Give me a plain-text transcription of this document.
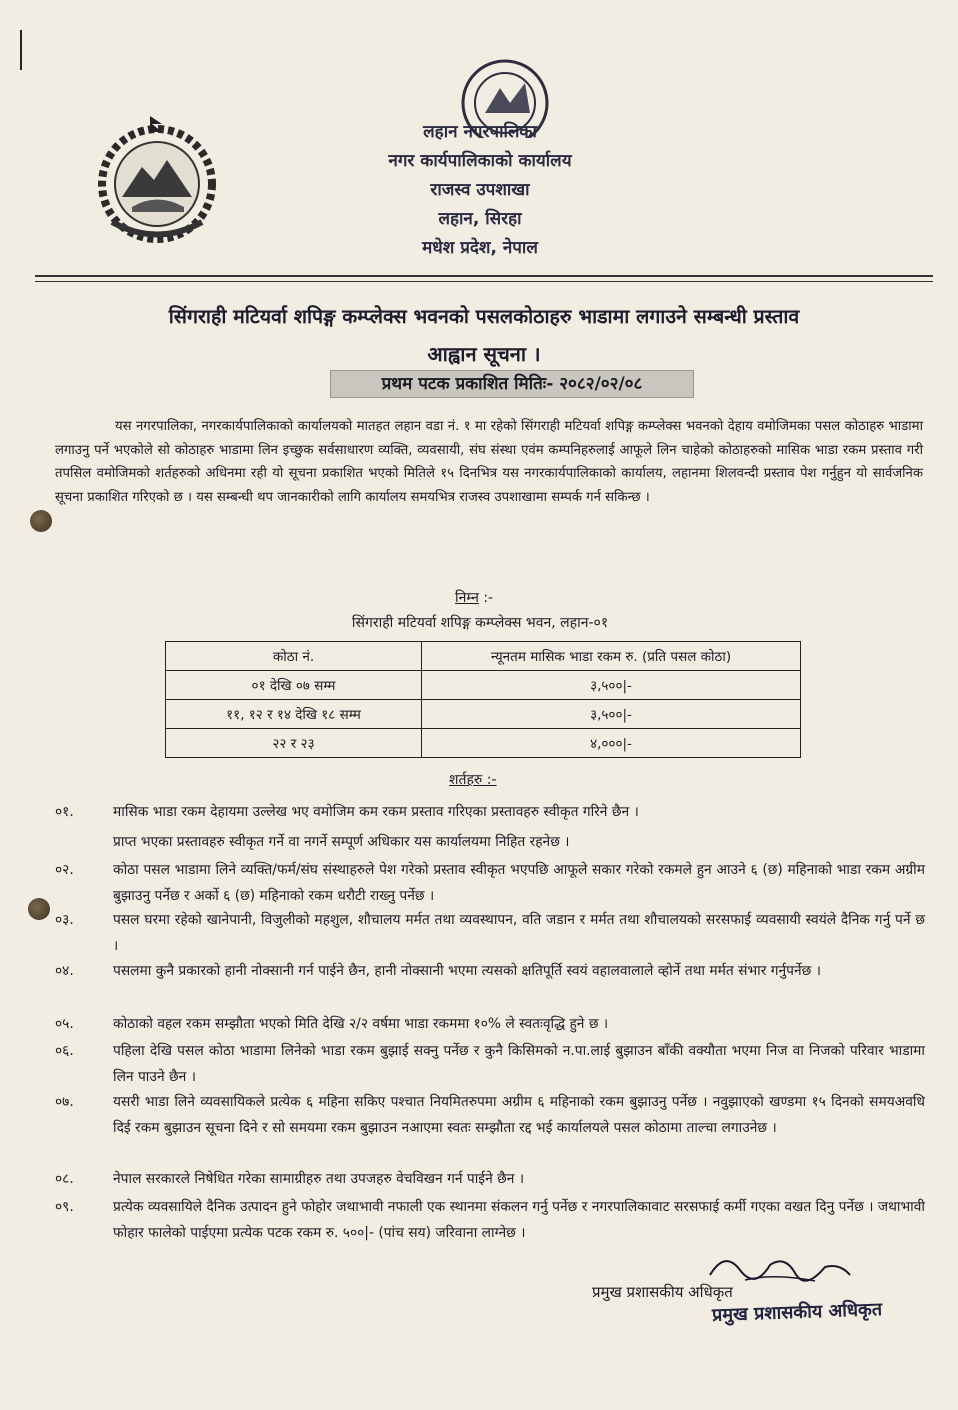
लहान नगरपालिका
नगर कार्यपालिकाको कार्यालय
राजस्व उपशाखा
लहान, सिरहा
मधेश प्रदेश, नेपाल
सिंगराही मटियर्वा शपिङ्ग कम्प्लेक्स भवनको पसलकोठाहरु भाडामा लगाउने सम्बन्धी प्रस्ताव
आह्वान सूचना ।
प्रथम पटक प्रकाशित मितिः- २०८२/०२/०८
यस नगरपालिका, नगरकार्यपालिकाको कार्यालयको मातहत लहान वडा नं. १ मा रहेको सिंगराही मटियर्वा शपिङ्ग कम्प्लेक्स भवनको देहाय वमोजिमका पसल कोठाहरु भाडामा लगाउनु पर्ने भएकोले सो कोठाहरु भाडामा लिन इच्छुक सर्वसाधारण व्यक्ति, व्यवसायी, संघ संस्था एवंम कम्पनिहरुलाई आफूले लिन चाहेको कोठाहरुको मासिक भाडा रकम प्रस्ताव गरी तपसिल वमोजिमको शर्तहरुको अधिनमा रही यो सूचना प्रकाशित भएको मितिले १५ दिनभित्र यस नगरकार्यपालिकाको कार्यालय, लहानमा शिलवन्दी प्रस्ताव पेश गर्नुहुन यो सार्वजनिक सूचना प्रकाशित गरिएको छ । यस सम्बन्धी थप जानकारीको लागि कार्यालय समयभित्र राजस्व उपशाखामा सम्पर्क गर्न सकिन्छ ।
निम्न :-
सिंगराही मटियर्वा शपिङ्ग कम्प्लेक्स भवन, लहान-०१
कोठा नं.	न्यूनतम मासिक भाडा रकम रु. (प्रति पसल कोठा)
०१ देखि ०७ सम्म	३,५००|-
११, १२ र १४ देखि १८ सम्म	३,५००|-
२२ र २३	४,०००|-
शर्तहरु :-
०१.	मासिक भाडा रकम देहायमा उल्लेख भए वमोजिम कम रकम प्रस्ताव गरिएका प्रस्तावहरु स्वीकृत गरिने छैन ।
प्राप्त भएका प्रस्तावहरु स्वीकृत गर्ने वा नगर्ने सम्पूर्ण अधिकार यस कार्यालयमा निहित रहनेछ ।
०२.	कोठा पसल भाडामा लिने व्यक्ति/फर्म/संघ संस्थाहरुले पेश गरेको प्रस्ताव स्वीकृत भएपछि आफूले सकार गरेको रकमले हुन आउने ६ (छ) महिनाको भाडा रकम अग्रीम बुझाउनु पर्नेछ र अर्को ६ (छ) महिनाको रकम धरौटी राख्नु पर्नेछ ।
०३.	पसल घरमा रहेको खानेपानी, विजुलीको महशुल, शौचालय मर्मत तथा व्यवस्थापन, वति जडान र मर्मत तथा शौचालयको सरसफाई व्यवसायी स्वयंले दैनिक गर्नु पर्ने छ ।
०४.	पसलमा कुनै प्रकारको हानी नोक्सानी गर्न पाईने छैन, हानी नोक्सानी भएमा त्यसको क्षतिपूर्ति स्वयं वहालवालाले व्होर्ने तथा मर्मत संभार गर्नुपर्नेछ ।
०५.	कोठाको वहल रकम सम्झौता भएको मिति देखि २/२ वर्षमा भाडा रकममा १०% ले स्वतःवृद्धि हुने छ ।
०६.	पहिला देखि पसल कोठा भाडामा लिनेको भाडा रकम बुझाई सक्नु पर्नेछ र कुनै किसिमको न.पा.लाई बुझाउन बाँकी वक्यौता भएमा निज वा निजको परिवार भाडामा लिन पाउने छैन ।
०७.	यसरी भाडा लिने व्यवसायिकले प्रत्येक ६ महिना सकिए पश्चात नियमितरुपमा अग्रीम ६ महिनाको रकम बुझाउनु पर्नेछ । नवुझाएको खण्डमा १५ दिनको समयअवधि दिई रकम बुझाउन सूचना दिने र सो समयमा रकम बुझाउन नआएमा स्वतः सम्झौता रद्द भई कार्यालयले पसल कोठामा ताल्चा लगाउनेछ ।
०८.	नेपाल सरकारले निषेधित गरेका सामाग्रीहरु तथा उपजहरु वेचविखन गर्न पाईने छैन ।
०९.	प्रत्येक व्यवसायिले दैनिक उत्पादन हुने फोहोर जथाभावी नफाली एक स्थानमा संकलन गर्नु पर्नेछ र नगरपालिकावाट सरसफाई कर्मी गएका वखत दिनु पर्नेछ । जथाभावी फोहार फालेको पाईएमा प्रत्येक पटक रकम रु. ५००|- (पांच सय) जरिवाना लाग्नेछ ।
प्रमुख प्रशासकीय अधिकृत
प्रमुख प्रशासकीय अधिकृत
